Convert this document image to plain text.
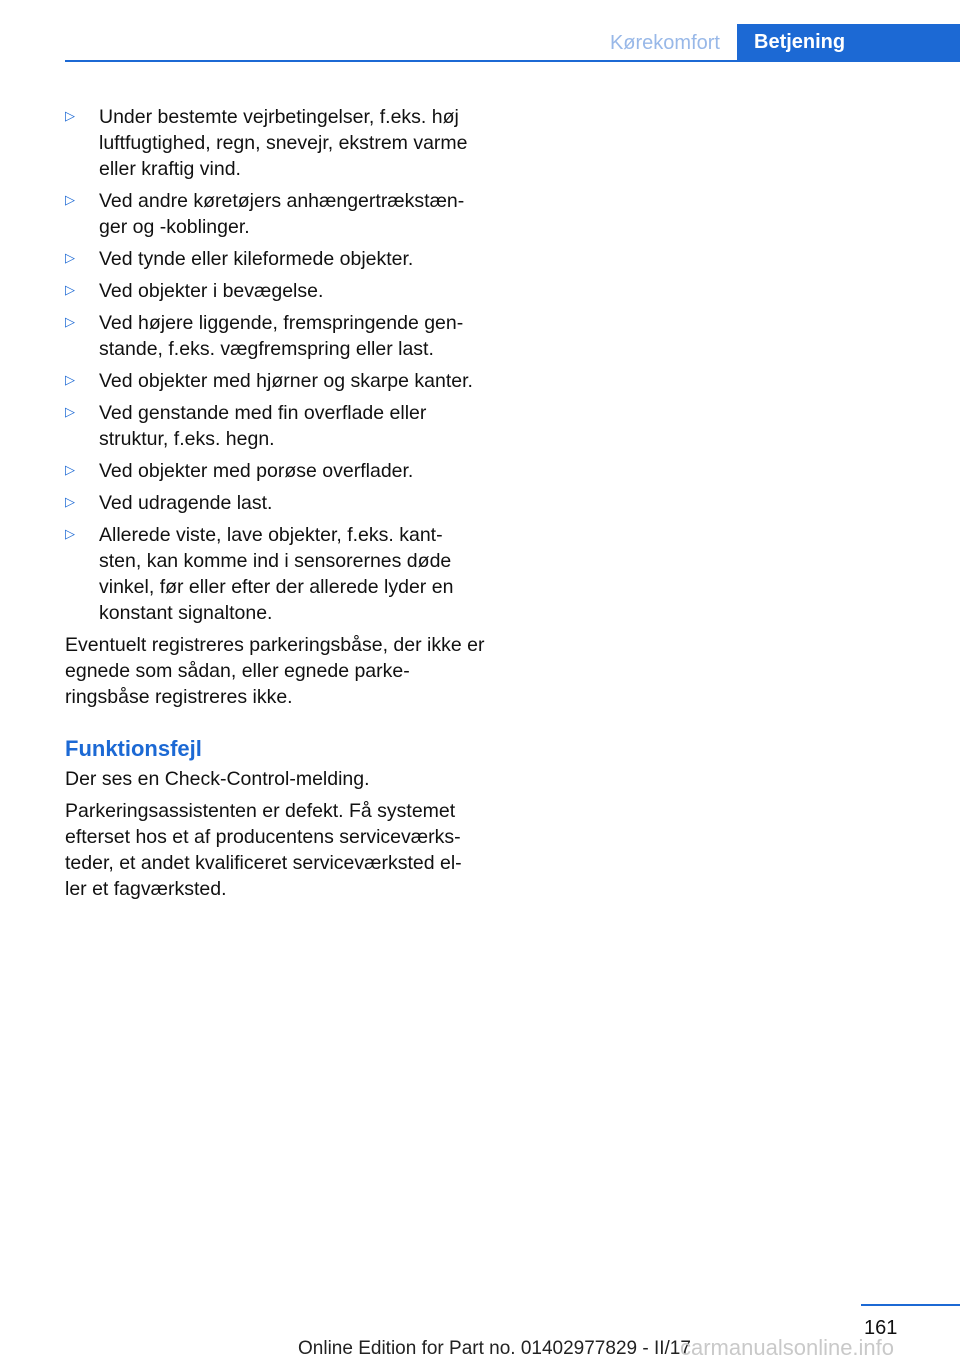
Kørekomfort	Betjening
▷	Under bestemte vejrbetingelser, f.eks. høj luftfugtighed, regn, snevejr, ekstrem varme eller kraftig vind.
▷	Ved andre køretøjers anhængertrækstæn‐ ger og -koblinger.
▷	Ved tynde eller kileformede objekter.
▷	Ved objekter i bevægelse.
▷	Ved højere liggende, fremspringende gen‐ stande, f.eks. vægfremspring eller last.
▷	Ved objekter med hjørner og skarpe kanter.
▷	Ved genstande med fin overflade eller struktur, f.eks. hegn.
▷	Ved objekter med porøse overflader.
▷	Ved udragende last.
▷	Allerede viste, lave objekter, f.eks. kant‐ sten, kan komme ind i sensorernes døde vinkel, før eller efter der allerede lyder en konstant signaltone.

Eventuelt registreres parkeringsbåse, der ikke er egnede som sådan, eller egnede parke‐ ringsbåse registreres ikke.

Funktionsfejl

Der ses en Check-Control-melding.

Parkeringsassistenten er defekt. Få systemet efterset hos et af producentens serviceværks‐ teder, et andet kvalificeret serviceværksted el‐ ler et fagværksted.

161
Online Edition for Part no. 01402977829 - II/17
carmanualsonline.info
